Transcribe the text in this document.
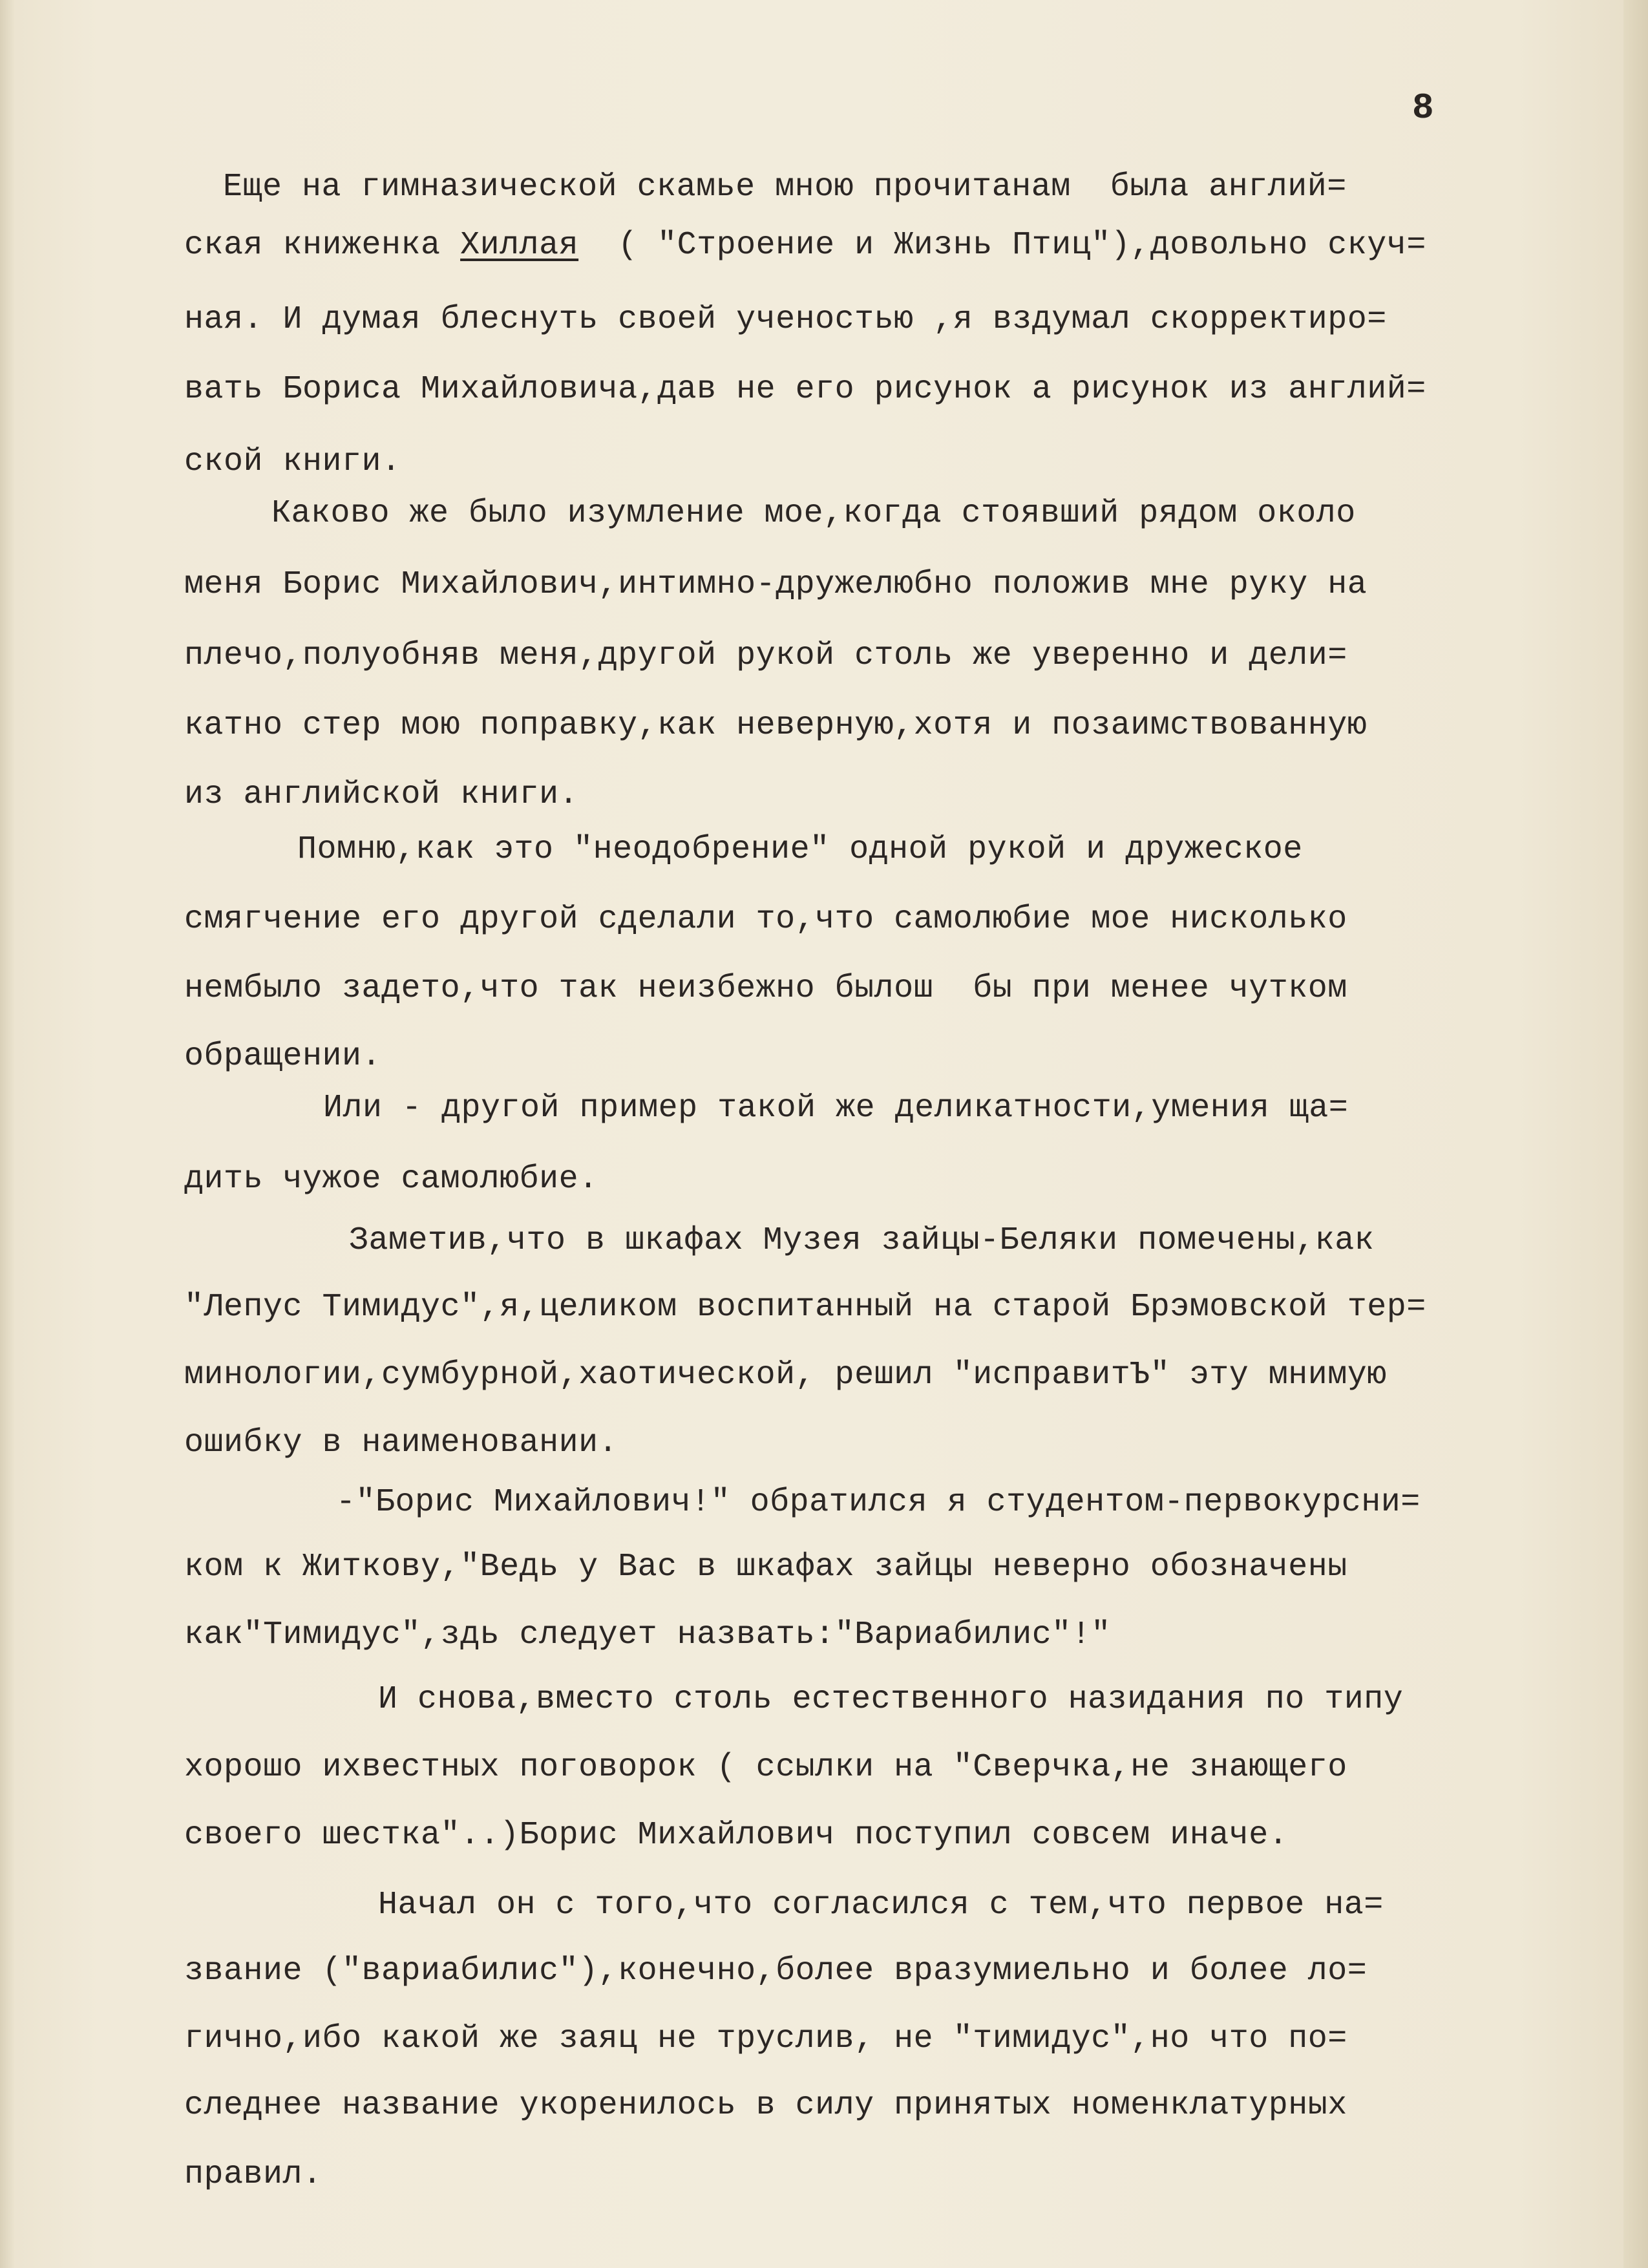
8
Еще на гимназической скамье мною прочитанам  была англий=
ская книженка Хиллая  ( "Строение и Жизнь Птиц"),довольно скуч=
ная. И думая блеснуть своей ученостью ,я вздумал скорректиро=
вать Бориса Михайловича,дав не его рисунок а рисунок из англий=
ской книги.
Каково же было изумление мое,когда стоявший рядом около
меня Борис Михайлович,интимно-дружелюбно положив мне руку на
плечо,полуобняв меня,другой рукой столь же уверенно и дели=
катно стер мою поправку,как неверную,хотя и позаимствованную
из английской книги.
Помню,как это "неодобрение" одной рукой и дружеское
смягчение его другой сделали то,что самолюбие мое нисколько
нембыло задето,что так неизбежно былош  бы при менее чутком
обращении.
Или - другой пример такой же деликатности,умения ща=
дить чужое самолюбие.
Заметив,что в шкафах Музея зайцы-Беляки помечены,как
"Лепус Тимидус",я,целиком воспитанный на старой Брэмовской тер=
минологии,сумбурной,хаотической, решил "исправитЪ" эту мнимую
ошибку в наименовании.
-"Борис Михайлович!" обратился я студентом-первокурсни=
ком к Житкову,"Ведь у Вас в шкафах зайцы неверно обозначены
как"Тимидус",здь следует назвать:"Вариабилис"!"
И снова,вместо столь естественного назидания по типу
хорошо ихвестных поговорок ( ссылки на "Сверчка,не знающего
своего шестка"..)Борис Михайлович поступил совсем иначе.
Начал он с того,что согласился с тем,что первое на=
звание ("вариабилис"),конечно,более вразумиельно и более ло=
гично,ибо какой же заяц не труслив, не "тимидус",но что по=
следнее название укоренилось в силу принятых номенклатурных
правил.
